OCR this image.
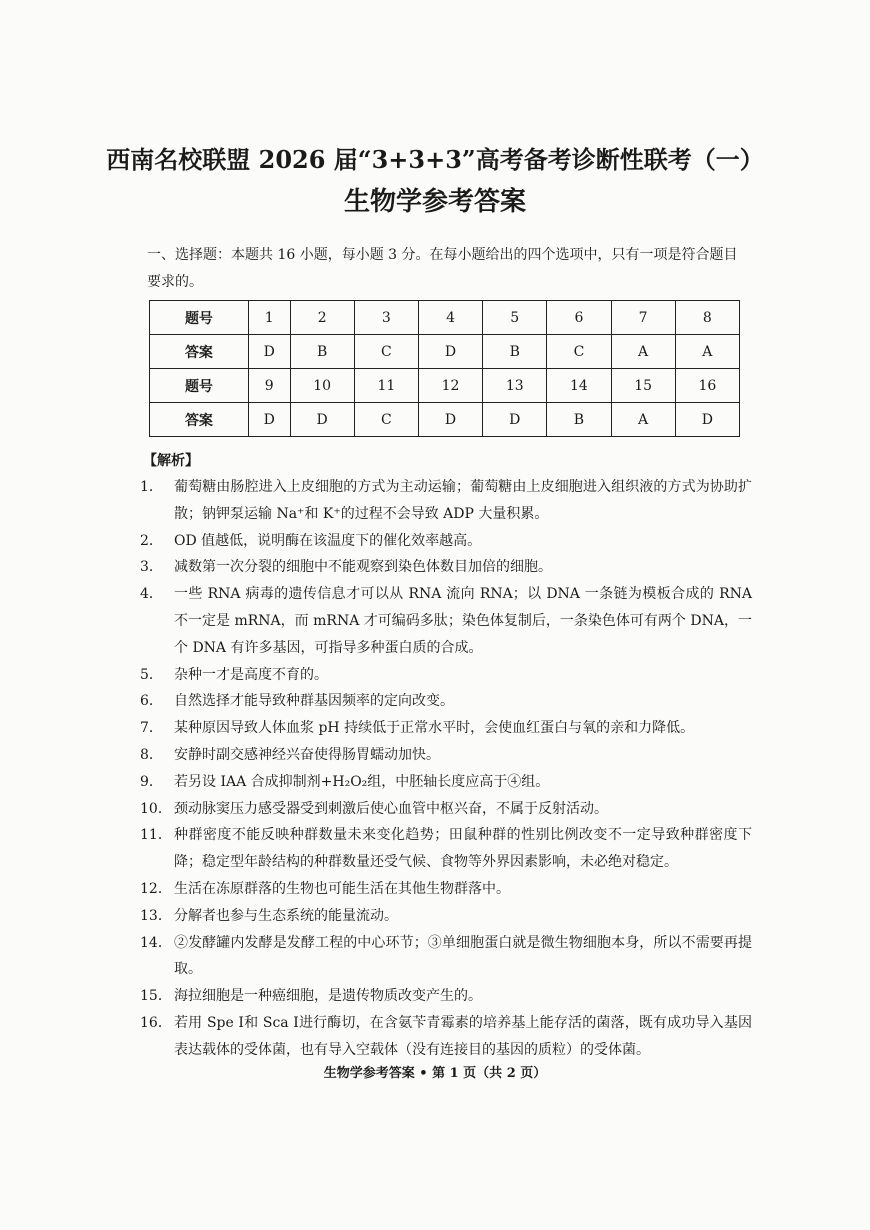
西南名校联盟 2026 届“3+3+3”高考备考诊断性联考（一）
生物学参考答案
一、选择题：本题共 16 小题，每小题 3 分。在每小题给出的四个选项中，只有一项是符合题目要求的。
题号	1	2	3	4	5	6	7	8
答案	D	B	C	D	B	C	A	A
题号	9	10	11	12	13	14	15	16
答案	D	D	C	D	D	B	A	D
【解析】
1． 葡萄糖由肠腔进入上皮细胞的方式为主动运输；葡萄糖由上皮细胞进入组织液的方式为协助扩散；钠钾泵运输 Na⁺和 K⁺的过程不会导致 ADP 大量积累。
2． OD 值越低，说明酶在该温度下的催化效率越高。
3． 减数第一次分裂的细胞中不能观察到染色体数目加倍的细胞。
4． 一些 RNA 病毒的遗传信息才可以从 RNA 流向 RNA；以 DNA 一条链为模板合成的 RNA 不一定是 mRNA，而 mRNA 才可编码多肽；染色体复制后，一条染色体可有两个 DNA，一个 DNA 有许多基因，可指导多种蛋白质的合成。
5． 杂种一才是高度不育的。
6． 自然选择才能导致种群基因频率的定向改变。
7． 某种原因导致人体血浆 pH 持续低于正常水平时，会使血红蛋白与氧的亲和力降低。
8． 安静时副交感神经兴奋使得肠胃蠕动加快。
9． 若另设 IAA 合成抑制剂+H₂O₂组，中胚轴长度应高于④组。
10． 颈动脉窦压力感受器受到刺激后使心血管中枢兴奋，不属于反射活动。
11． 种群密度不能反映种群数量未来变化趋势；田鼠种群的性别比例改变不一定导致种群密度下降；稳定型年龄结构的种群数量还受气候、食物等外界因素影响，未必绝对稳定。
12． 生活在冻原群落的生物也可能生活在其他生物群落中。
13． 分解者也参与生态系统的能量流动。
14． ②发酵罐内发酵是发酵工程的中心环节；③单细胞蛋白就是微生物细胞本身，所以不需要再提取。
15． 海拉细胞是一种癌细胞，是遗传物质改变产生的。
16． 若用 Spe Ⅰ和 Sca Ⅰ进行酶切，在含氨苄青霉素的培养基上能存活的菌落，既有成功导入基因表达载体的受体菌，也有导入空载体（没有连接目的基因的质粒）的受体菌。
生物学参考答案 • 第 1 页（共 2 页）
